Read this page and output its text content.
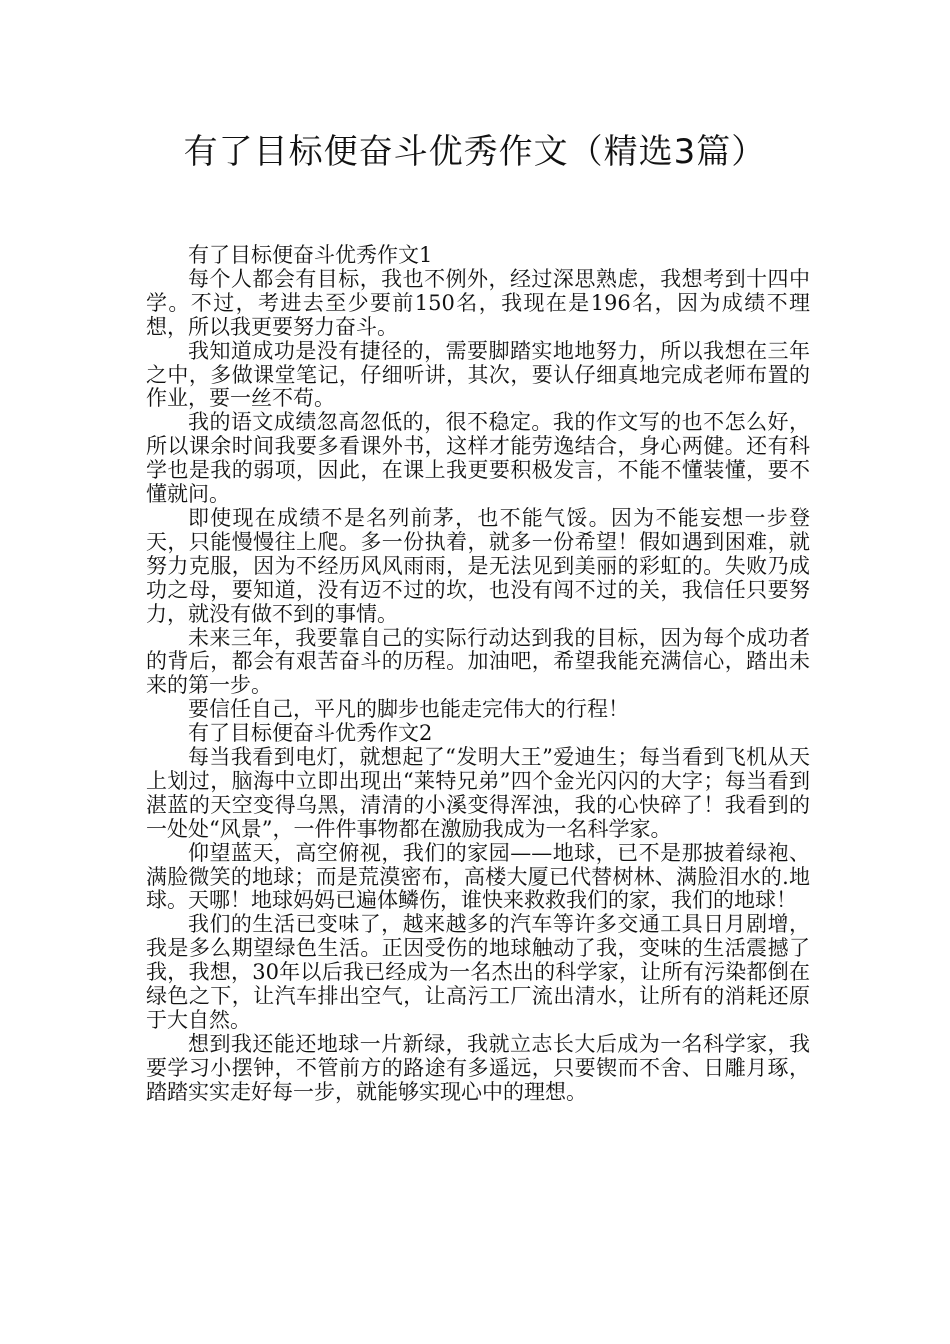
有了目标便奋斗优秀作文（精选3篇）

有了目标便奋斗优秀作文1

每个人都会有目标，我也不例外，经过深思熟虑，我想考到十四中学。不过，考进去至少要前150名，我现在是196名，因为成绩不理想，所以我更要努力奋斗。

我知道成功是没有捷径的，需要脚踏实地地努力，所以我想在三年之中，多做课堂笔记，仔细听讲，其次，要认仔细真地完成老师布置的作业，要一丝不苟。

我的语文成绩忽高忽低的，很不稳定。我的作文写的也不怎么好，所以课余时间我要多看课外书，这样才能劳逸结合，身心两健。还有科学也是我的弱项，因此，在课上我更要积极发言，不能不懂装懂，要不懂就问。

即使现在成绩不是名列前茅，也不能气馁。因为不能妄想一步登天，只能慢慢往上爬。多一份执着，就多一份希望！假如遇到困难，就努力克服，因为不经历风风雨雨，是无法见到美丽的彩虹的。失败乃成功之母，要知道，没有迈不过的坎，也没有闯不过的关，我信任只要努力，就没有做不到的事情。

未来三年，我要靠自己的实际行动达到我的目标，因为每个成功者的背后，都会有艰苦奋斗的历程。加油吧，希望我能充满信心，踏出未来的第一步。

要信任自己，平凡的脚步也能走完伟大的行程！

有了目标便奋斗优秀作文2

每当我看到电灯，就想起了“发明大王”爱迪生；每当看到飞机从天上划过，脑海中立即出现出“莱特兄弟”四个金光闪闪的大字；每当看到湛蓝的天空变得乌黑，清清的小溪变得浑浊，我的心快碎了！我看到的一处处“风景”，一件件事物都在激励我成为一名科学家。

仰望蓝天，高空俯视，我们的家园——地球，已不是那披着绿袍、满脸微笑的地球；而是荒漠密布，高楼大厦已代替树林、满脸泪水的.地球。天哪！地球妈妈已遍体鳞伤，谁快来救救我们的家，我们的地球！

我们的生活已变味了，越来越多的汽车等许多交通工具日月剧增，我是多么期望绿色生活。正因受伤的地球触动了我，变味的生活震撼了我，我想，30年以后我已经成为一名杰出的科学家，让所有污染都倒在绿色之下，让汽车排出空气，让高污工厂流出清水，让所有的消耗还原于大自然。

想到我还能还地球一片新绿，我就立志长大后成为一名科学家，我要学习小摆钟，不管前方的路途有多遥远，只要锲而不舍、日雕月琢，踏踏实实走好每一步，就能够实现心中的理想。
